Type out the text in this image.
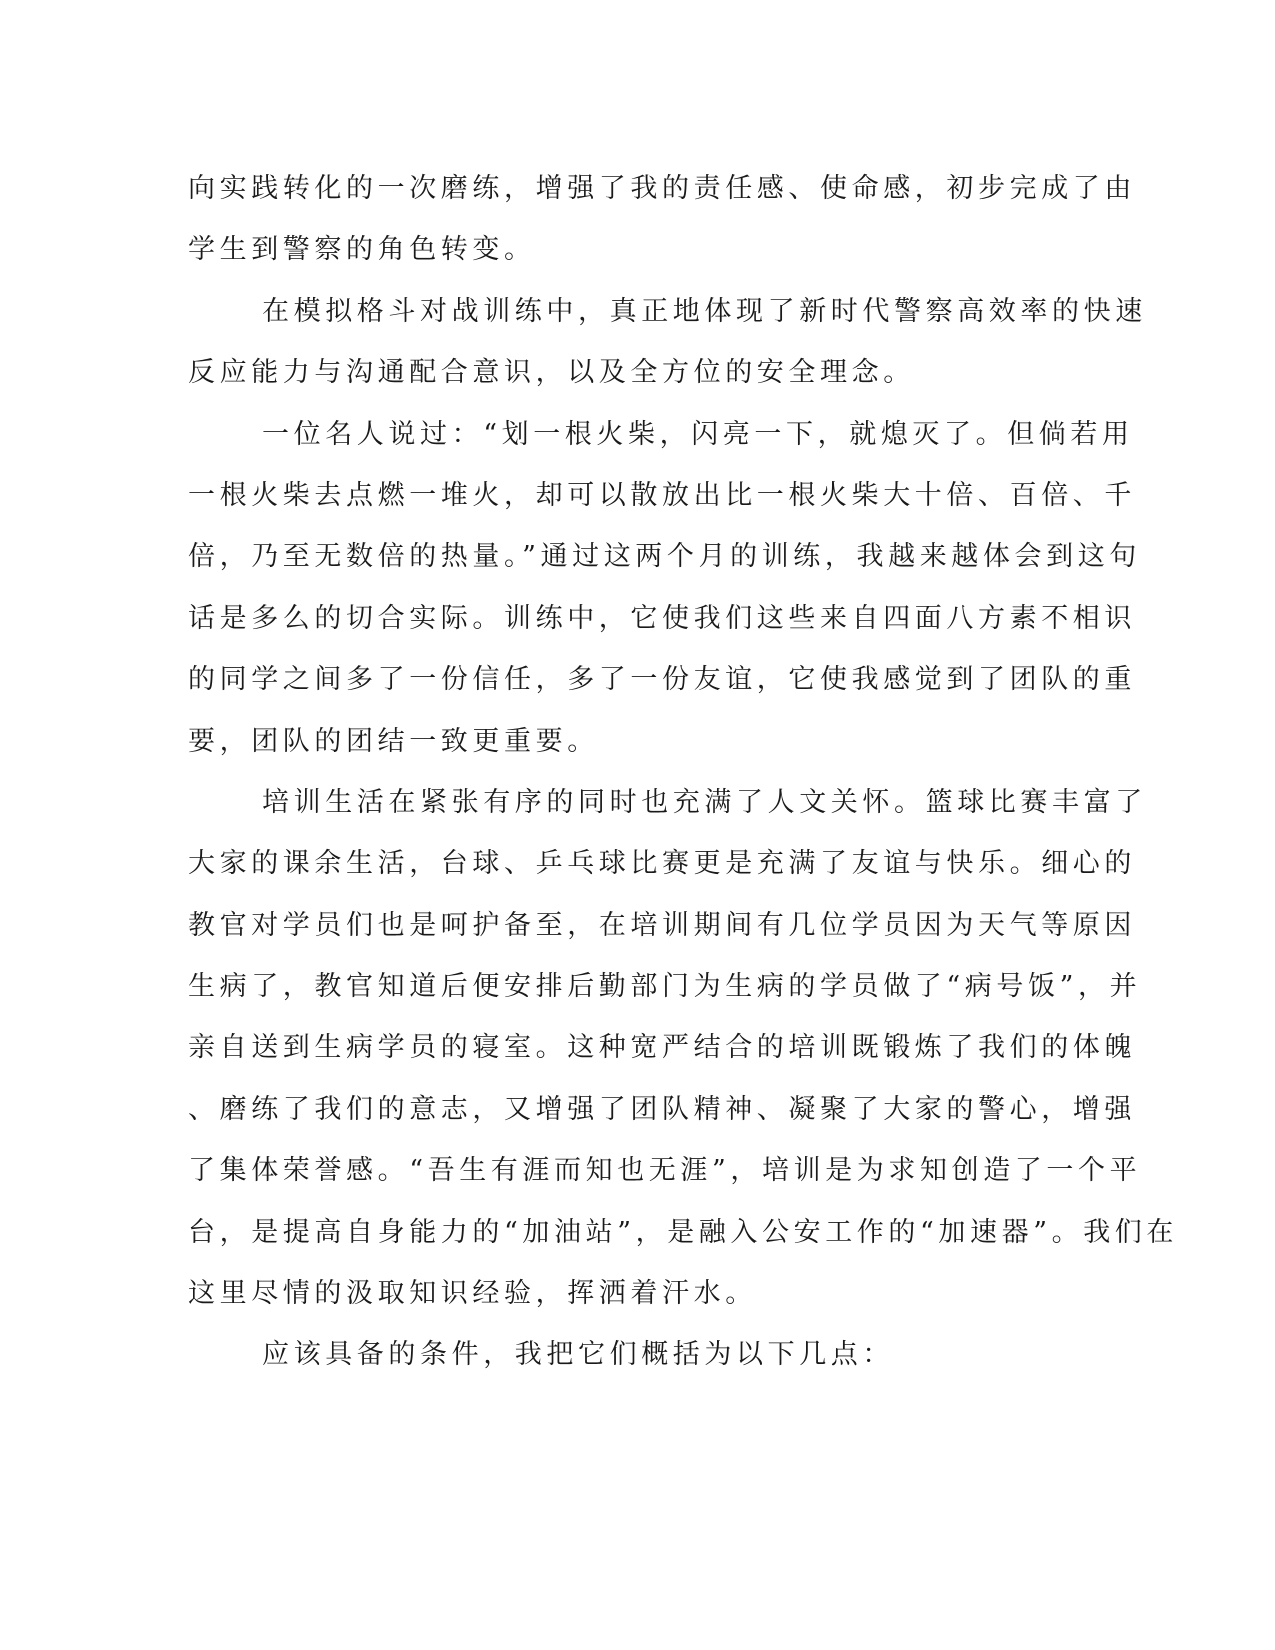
向实践转化的一次磨练，增强了我的责任感、使命感，初步完成了由
学生到警察的角色转变。
在模拟格斗对战训练中，真正地体现了新时代警察高效率的快速
反应能力与沟通配合意识，以及全方位的安全理念。
一位名人说过：“划一根火柴，闪亮一下，就熄灭了。但倘若用
一根火柴去点燃一堆火，却可以散放出比一根火柴大十倍、百倍、千
倍，乃至无数倍的热量。”通过这两个月的训练，我越来越体会到这句
话是多么的切合实际。训练中，它使我们这些来自四面八方素不相识
的同学之间多了一份信任，多了一份友谊，它使我感觉到了团队的重
要，团队的团结一致更重要。
培训生活在紧张有序的同时也充满了人文关怀。篮球比赛丰富了
大家的课余生活，台球、乒乓球比赛更是充满了友谊与快乐。细心的
教官对学员们也是呵护备至，在培训期间有几位学员因为天气等原因
生病了，教官知道后便安排后勤部门为生病的学员做了“病号饭”，并
亲自送到生病学员的寝室。这种宽严结合的培训既锻炼了我们的体魄
、磨练了我们的意志，又增强了团队精神、凝聚了大家的警心，增强
了集体荣誉感。“吾生有涯而知也无涯”，培训是为求知创造了一个平
台，是提高自身能力的“加油站”，是融入公安工作的“加速器”。我们在
这里尽情的汲取知识经验，挥洒着汗水。
应该具备的条件，我把它们概括为以下几点：
